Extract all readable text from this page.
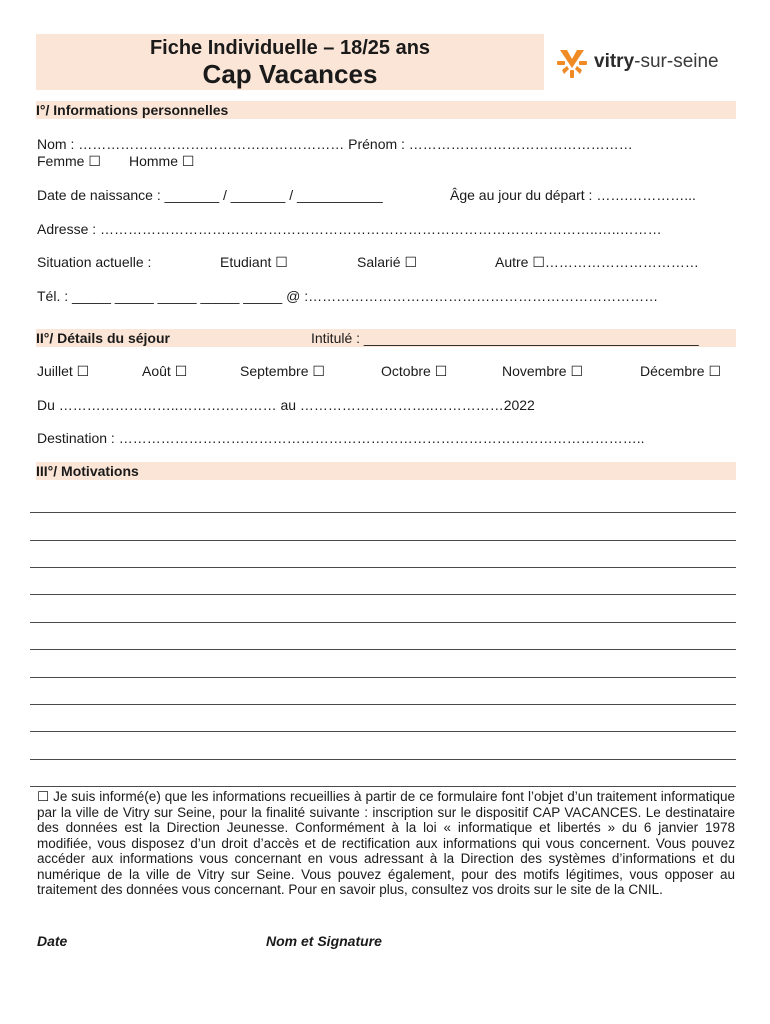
Fiche Individuelle – 18/25 ans
Cap Vacances	vitry-sur-seine
I°/ Informations personnelles
Nom : ………………………………………………… Prénom : …………………………………………
Femme ☐ Homme ☐
Date de naissance : _______ / _______ / ___________	Âge au jour du départ : …….…………...
Adresse : ……………………………………………………………………………………………..…..………
Situation actuelle :	Etudiant ☐	Salarié ☐	Autre ☐……………………………
Tél. : _____ _____ _____ _____ _____ @ :…………………………………………………………………
II°/ Détails du séjour	Intitulé : ___________________________________________
Juillet ☐	Août ☐	Septembre ☐	Octobre ☐	Novembre ☐	Décembre ☐
Du ……………………..………………… au ………………………..……………2022
Destination : …………………………………………………………………………………………………..
III°/ Motivations
☐ Je suis informé(e) que les informations recueillies à partir de ce formulaire font l’objet d’un traitement informatique par la ville de Vitry sur Seine, pour la finalité suivante : inscription sur le dispositif CAP VACANCES. Le destinataire des données est la Direction Jeunesse. Conformément à la loi « informatique et libertés » du 6 janvier 1978 modifiée, vous disposez d’un droit d’accès et de rectification aux informations qui vous concernent. Vous pouvez accéder aux informations vous concernant en vous adressant à la Direction des systèmes d’informations et du numérique de la ville de Vitry sur Seine. Vous pouvez également, pour des motifs légitimes, vous opposer au traitement des données vous concernant. Pour en savoir plus, consultez vos droits sur le site de la CNIL.
Date	Nom et Signature
